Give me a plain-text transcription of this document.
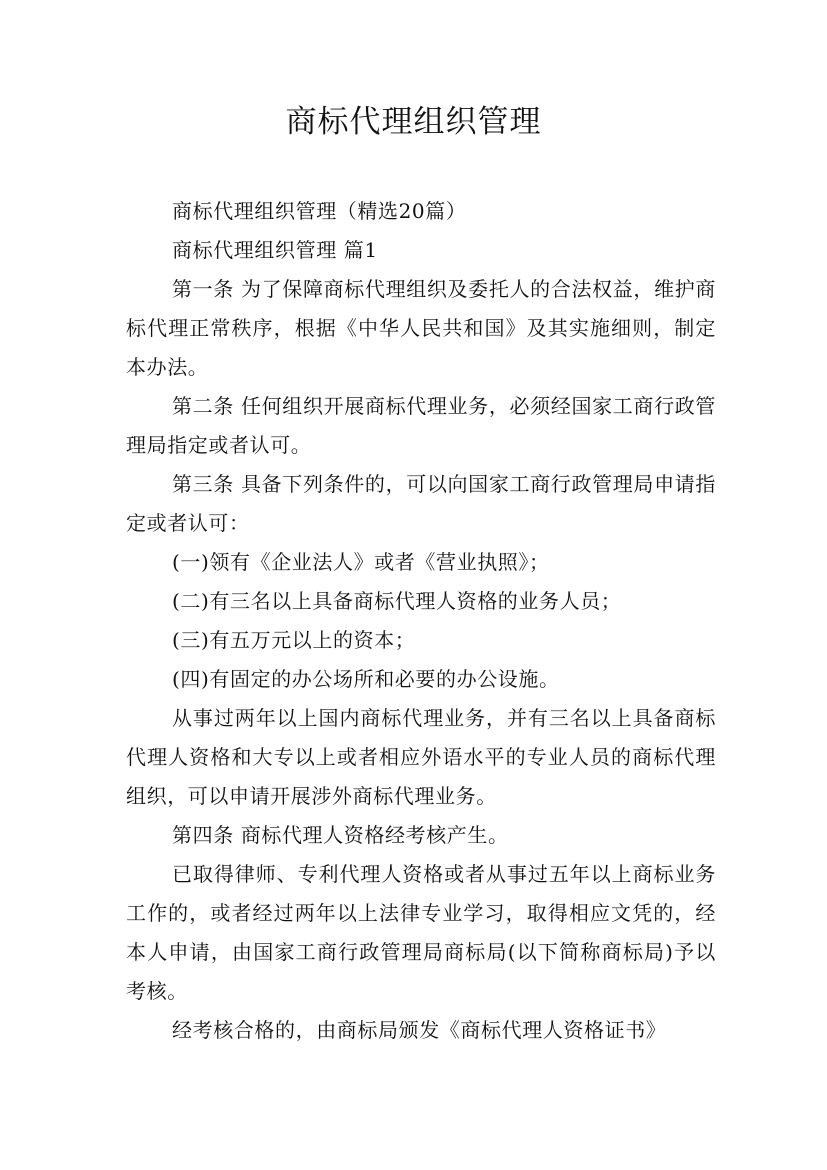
商标代理组织管理

商标代理组织管理（精选20篇）

商标代理组织管理 篇1

第一条 为了保障商标代理组织及委托人的合法权益，维护商标代理正常秩序，根据《中华人民共和国》及其实施细则，制定本办法。

第二条 任何组织开展商标代理业务，必须经国家工商行政管理局指定或者认可。

第三条 具备下列条件的，可以向国家工商行政管理局申请指定或者认可：

(一)领有《企业法人》或者《营业执照》；

(二)有三名以上具备商标代理人资格的业务人员；

(三)有五万元以上的资本；

(四)有固定的办公场所和必要的办公设施。

从事过两年以上国内商标代理业务，并有三名以上具备商标代理人资格和大专以上或者相应外语水平的专业人员的商标代理组织，可以申请开展涉外商标代理业务。

第四条 商标代理人资格经考核产生。

已取得律师、专利代理人资格或者从事过五年以上商标业务工作的，或者经过两年以上法律专业学习，取得相应文凭的，经本人申请，由国家工商行政管理局商标局(以下简称商标局)予以考核。

经考核合格的，由商标局颁发《商标代理人资格证书》
